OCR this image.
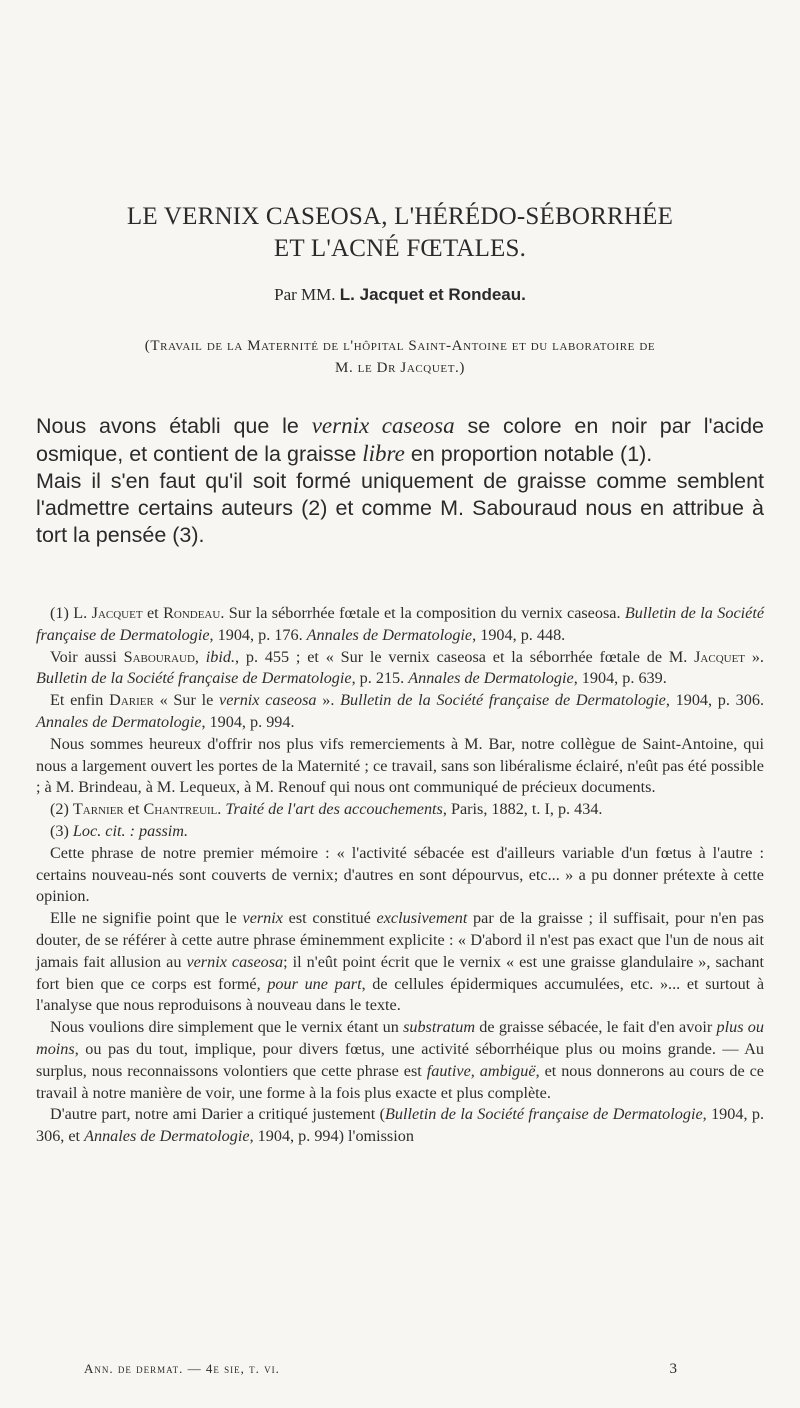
LE VERNIX CASEOSA, L'HÉRÉDO-SÉBORRHÉE
ET L'ACNÉ FŒTALES.
Par MM. L. Jacquet et Rondeau.
(Travail de la Maternité de l'hôpital Saint-Antoine et du laboratoire de
M. le Dr Jacquet.)

Nous avons établi que le vernix caseosa se colore en noir par l'acide osmique, et contient de la graisse libre en proportion notable (1).

Mais il s'en faut qu'il soit formé uniquement de graisse comme semblent l'admettre certains auteurs (2) et comme M. Sabouraud nous en attribue à tort la pensée (3).

(1) L. Jacquet et Rondeau. Sur la séborrhée fœtale et la composition du vernix caseosa. Bulletin de la Société française de Dermatologie, 1904, p. 176. Annales de Dermatologie, 1904, p. 448.

Voir aussi Sabouraud, ibid., p. 455 ; et « Sur le vernix caseosa et la séborrhée fœtale de M. Jacquet ». Bulletin de la Société française de Dermatologie, p. 215. Annales de Dermatologie, 1904, p. 639.

Et enfin Darier « Sur le vernix caseosa ». Bulletin de la Société française de Dermatologie, 1904, p. 306. Annales de Dermatologie, 1904, p. 994.

Nous sommes heureux d'offrir nos plus vifs remerciements à M. Bar, notre collègue de Saint-Antoine, qui nous a largement ouvert les portes de la Maternité ; ce travail, sans son libéralisme éclairé, n'eût pas été possible ; à M. Brindeau, à M. Lequeux, à M. Renouf qui nous ont communiqué de précieux documents.

(2) Tarnier et Chantreuil. Traité de l'art des accouchements, Paris, 1882, t. I, p. 434.

(3) Loc. cit. : passim.

Cette phrase de notre premier mémoire : « l'activité sébacée est d'ailleurs variable d'un fœtus à l'autre : certains nouveau-nés sont couverts de vernix; d'autres en sont dépourvus, etc... » a pu donner prétexte à cette opinion.

Elle ne signifie point que le vernix est constitué exclusivement par de la graisse ; il suffisait, pour n'en pas douter, de se référer à cette autre phrase éminemment explicite : « D'abord il n'est pas exact que l'un de nous ait jamais fait allusion au vernix caseosa; il n'eût point écrit que le vernix « est une graisse glandulaire », sachant fort bien que ce corps est formé, pour une part, de cellules épidermiques accumulées, etc. »... et surtout à l'analyse que nous reproduisons à nouveau dans le texte.

Nous voulions dire simplement que le vernix étant un substratum de graisse sébacée, le fait d'en avoir plus ou moins, ou pas du tout, implique, pour divers fœtus, une activité séborrhéique plus ou moins grande. — Au surplus, nous reconnaissons volontiers que cette phrase est fautive, ambiguë, et nous donnerons au cours de ce travail à notre manière de voir, une forme à la fois plus exacte et plus complète.

D'autre part, notre ami Darier a critiqué justement (Bulletin de la Société française de Dermatologie, 1904, p. 306, et Annales de Dermatologie, 1904, p. 994) l'omission

Ann. de dermat. — 4e sie, t. vi.	3
